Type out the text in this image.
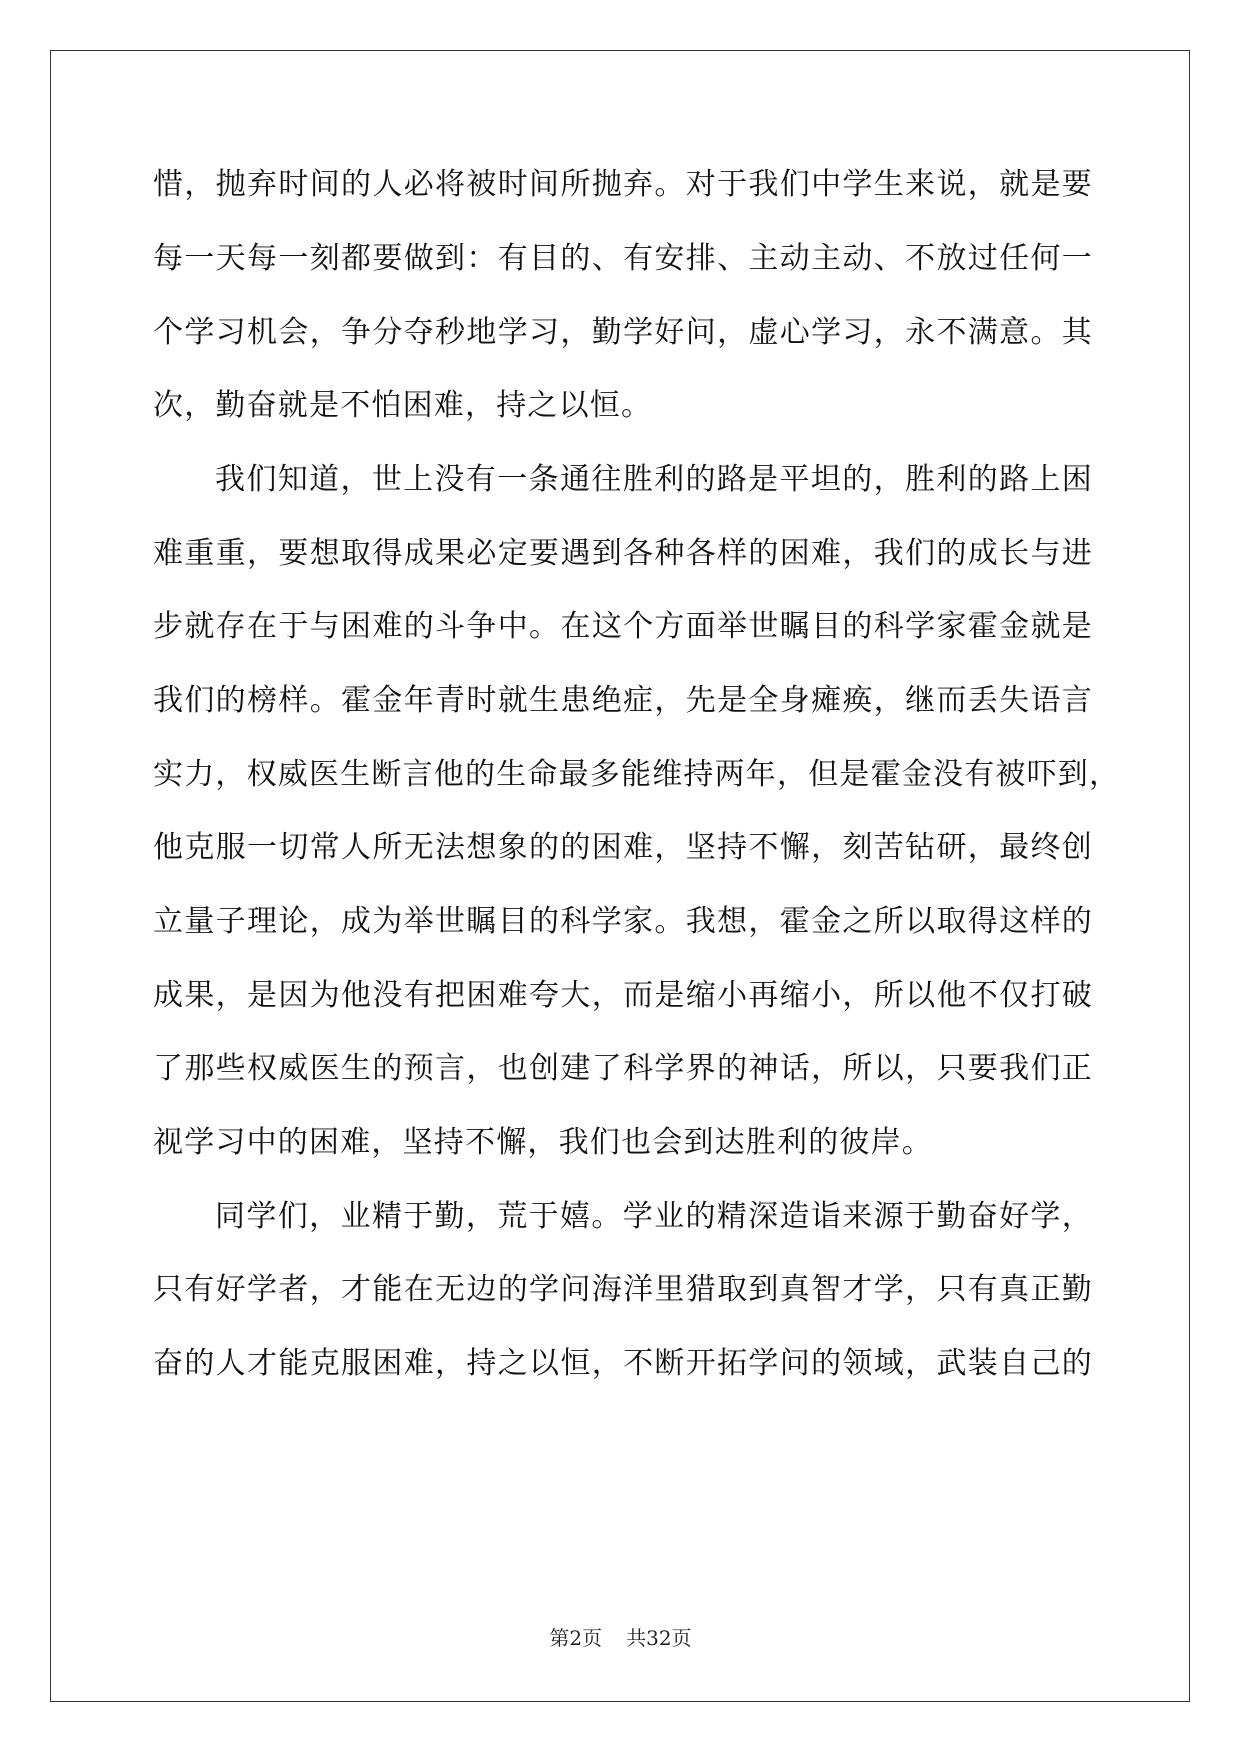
惜，抛弃时间的人必将被时间所抛弃。对于我们中学生来说，就是要
每一天每一刻都要做到：有目的、有安排、主动主动、不放过任何一
个学习机会，争分夺秒地学习，勤学好问，虚心学习，永不满意。其
次，勤奋就是不怕困难，持之以恒。
我们知道，世上没有一条通往胜利的路是平坦的，胜利的路上困
难重重，要想取得成果必定要遇到各种各样的困难，我们的成长与进
步就存在于与困难的斗争中。在这个方面举世瞩目的科学家霍金就是
我们的榜样。霍金年青时就生患绝症，先是全身瘫痪，继而丢失语言
实力，权威医生断言他的生命最多能维持两年，但是霍金没有被吓到，
他克服一切常人所无法想象的的困难，坚持不懈，刻苦钻研，最终创
立量子理论，成为举世瞩目的科学家。我想，霍金之所以取得这样的
成果，是因为他没有把困难夸大，而是缩小再缩小，所以他不仅打破
了那些权威医生的预言，也创建了科学界的神话，所以，只要我们正
视学习中的困难，坚持不懈，我们也会到达胜利的彼岸。
同学们，业精于勤，荒于嬉。学业的精深造诣来源于勤奋好学，
只有好学者，才能在无边的学问海洋里猎取到真智才学，只有真正勤
奋的人才能克服困难，持之以恒，不断开拓学问的领域，武装自己的
第2页 共32页
